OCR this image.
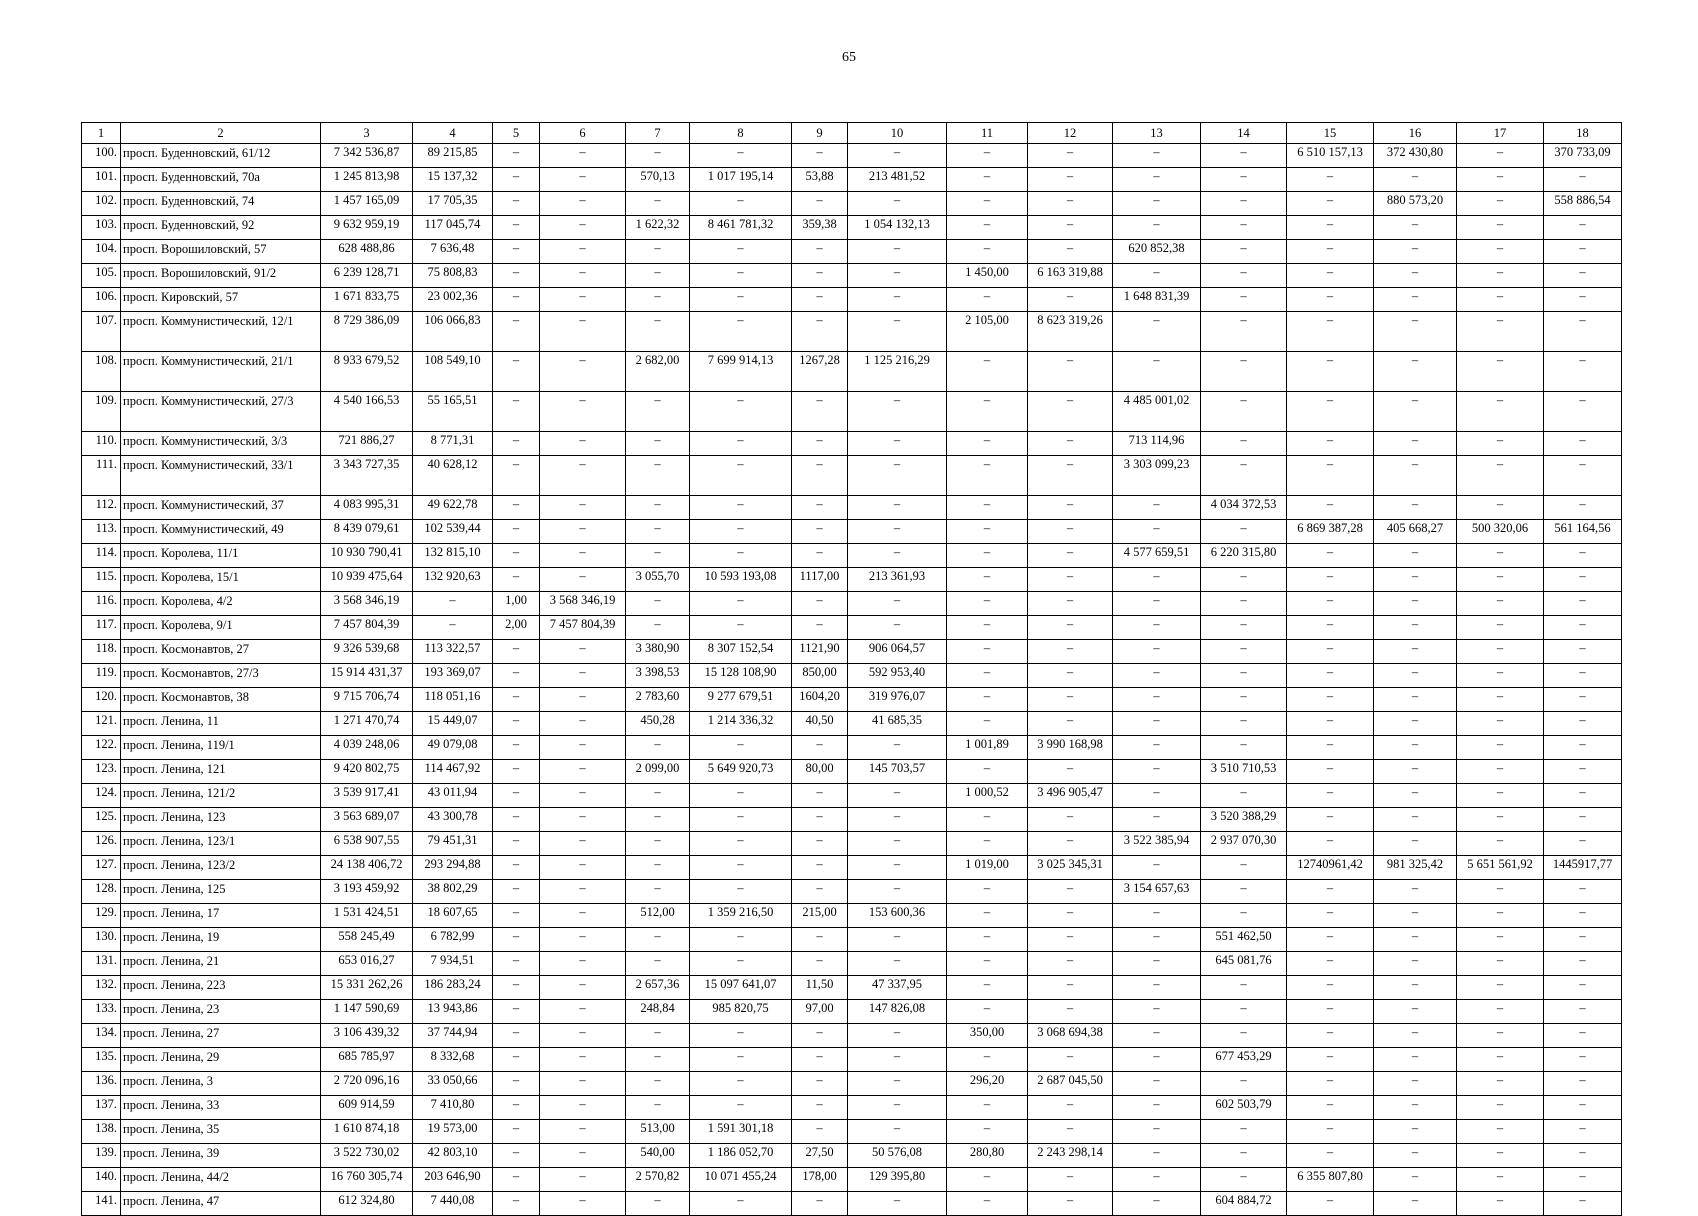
65
1	2	3	4	5	6	7	8	9	10	11	12	13	14	15	16	17	18
100.	просп. Буденновский, 61/12	7 342 536,87	89 215,85	–	–	–	–	–	–	–	–	–	–	6 510 157,13	372 430,80	–	370 733,09
101.	просп. Буденновский, 70а	1 245 813,98	15 137,32	–	–	570,13	1 017 195,14	53,88	213 481,52	–	–	–	–	–	–	–	–
102.	просп. Буденновский, 74	1 457 165,09	17 705,35	–	–	–	–	–	–	–	–	–	–	–	880 573,20	–	558 886,54
103.	просп. Буденновский, 92	9 632 959,19	117 045,74	–	–	1 622,32	8 461 781,32	359,38	1 054 132,13	–	–	–	–	–	–	–	–
104.	просп. Ворошиловский, 57	628 488,86	7 636,48	–	–	–	–	–	–	–	–	620 852,38	–	–	–	–	–
105.	просп. Ворошиловский, 91/2	6 239 128,71	75 808,83	–	–	–	–	–	–	1 450,00	6 163 319,88	–	–	–	–	–	–
106.	просп. Кировский, 57	1 671 833,75	23 002,36	–	–	–	–	–	–	–	–	1 648 831,39	–	–	–	–	–
107.	просп. Коммунистический, 12/1	8 729 386,09	106 066,83	–	–	–	–	–	–	2 105,00	8 623 319,26	–	–	–	–	–	–
108.	просп. Коммунистический, 21/1	8 933 679,52	108 549,10	–	–	2 682,00	7 699 914,13	1267,28	1 125 216,29	–	–	–	–	–	–	–	–
109.	просп. Коммунистический, 27/3	4 540 166,53	55 165,51	–	–	–	–	–	–	–	–	4 485 001,02	–	–	–	–	–
110.	просп. Коммунистический, 3/3	721 886,27	8 771,31	–	–	–	–	–	–	–	–	713 114,96	–	–	–	–	–
111.	просп. Коммунистический, 33/1	3 343 727,35	40 628,12	–	–	–	–	–	–	–	–	3 303 099,23	–	–	–	–	–
112.	просп. Коммунистический, 37	4 083 995,31	49 622,78	–	–	–	–	–	–	–	–	–	4 034 372,53	–	–	–	–
113.	просп. Коммунистический, 49	8 439 079,61	102 539,44	–	–	–	–	–	–	–	–	–	–	6 869 387,28	405 668,27	500 320,06	561 164,56
114.	просп. Королева, 11/1	10 930 790,41	132 815,10	–	–	–	–	–	–	–	–	4 577 659,51	6 220 315,80	–	–	–	–
115.	просп. Королева, 15/1	10 939 475,64	132 920,63	–	–	3 055,70	10 593 193,08	1117,00	213 361,93	–	–	–	–	–	–	–	–
116.	просп. Королева, 4/2	3 568 346,19	–	1,00	3 568 346,19	–	–	–	–	–	–	–	–	–	–	–	–
117.	просп. Королева, 9/1	7 457 804,39	–	2,00	7 457 804,39	–	–	–	–	–	–	–	–	–	–	–	–
118.	просп. Космонавтов, 27	9 326 539,68	113 322,57	–	–	3 380,90	8 307 152,54	1121,90	906 064,57	–	–	–	–	–	–	–	–
119.	просп. Космонавтов, 27/3	15 914 431,37	193 369,07	–	–	3 398,53	15 128 108,90	850,00	592 953,40	–	–	–	–	–	–	–	–
120.	просп. Космонавтов, 38	9 715 706,74	118 051,16	–	–	2 783,60	9 277 679,51	1604,20	319 976,07	–	–	–	–	–	–	–	–
121.	просп. Ленина, 11	1 271 470,74	15 449,07	–	–	450,28	1 214 336,32	40,50	41 685,35	–	–	–	–	–	–	–	–
122.	просп. Ленина, 119/1	4 039 248,06	49 079,08	–	–	–	–	–	–	1 001,89	3 990 168,98	–	–	–	–	–	–
123.	просп. Ленина, 121	9 420 802,75	114 467,92	–	–	2 099,00	5 649 920,73	80,00	145 703,57	–	–	–	3 510 710,53	–	–	–	–
124.	просп. Ленина, 121/2	3 539 917,41	43 011,94	–	–	–	–	–	–	1 000,52	3 496 905,47	–	–	–	–	–	–
125.	просп. Ленина, 123	3 563 689,07	43 300,78	–	–	–	–	–	–	–	–	–	3 520 388,29	–	–	–	–
126.	просп. Ленина, 123/1	6 538 907,55	79 451,31	–	–	–	–	–	–	–	–	3 522 385,94	2 937 070,30	–	–	–	–
127.	просп. Ленина, 123/2	24 138 406,72	293 294,88	–	–	–	–	–	–	1 019,00	3 025 345,31	–	–	12740961,42	981 325,42	5 651 561,92	1445917,77
128.	просп. Ленина, 125	3 193 459,92	38 802,29	–	–	–	–	–	–	–	–	3 154 657,63	–	–	–	–	–
129.	просп. Ленина, 17	1 531 424,51	18 607,65	–	–	512,00	1 359 216,50	215,00	153 600,36	–	–	–	–	–	–	–	–
130.	просп. Ленина, 19	558 245,49	6 782,99	–	–	–	–	–	–	–	–	–	551 462,50	–	–	–	–
131.	просп. Ленина, 21	653 016,27	7 934,51	–	–	–	–	–	–	–	–	–	645 081,76	–	–	–	–
132.	просп. Ленина, 223	15 331 262,26	186 283,24	–	–	2 657,36	15 097 641,07	11,50	47 337,95	–	–	–	–	–	–	–	–
133.	просп. Ленина, 23	1 147 590,69	13 943,86	–	–	248,84	985 820,75	97,00	147 826,08	–	–	–	–	–	–	–	–
134.	просп. Ленина, 27	3 106 439,32	37 744,94	–	–	–	–	–	–	350,00	3 068 694,38	–	–	–	–	–	–
135.	просп. Ленина, 29	685 785,97	8 332,68	–	–	–	–	–	–	–	–	–	677 453,29	–	–	–	–
136.	просп. Ленина, 3	2 720 096,16	33 050,66	–	–	–	–	–	–	296,20	2 687 045,50	–	–	–	–	–	–
137.	просп. Ленина, 33	609 914,59	7 410,80	–	–	–	–	–	–	–	–	–	602 503,79	–	–	–	–
138.	просп. Ленина, 35	1 610 874,18	19 573,00	–	–	513,00	1 591 301,18	–	–	–	–	–	–	–	–	–	–
139.	просп. Ленина, 39	3 522 730,02	42 803,10	–	–	540,00	1 186 052,70	27,50	50 576,08	280,80	2 243 298,14	–	–	–	–	–	–
140.	просп. Ленина, 44/2	16 760 305,74	203 646,90	–	–	2 570,82	10 071 455,24	178,00	129 395,80	–	–	–	–	6 355 807,80	–	–	–
141.	просп. Ленина, 47	612 324,80	7 440,08	–	–	–	–	–	–	–	–	–	604 884,72	–	–	–	–
